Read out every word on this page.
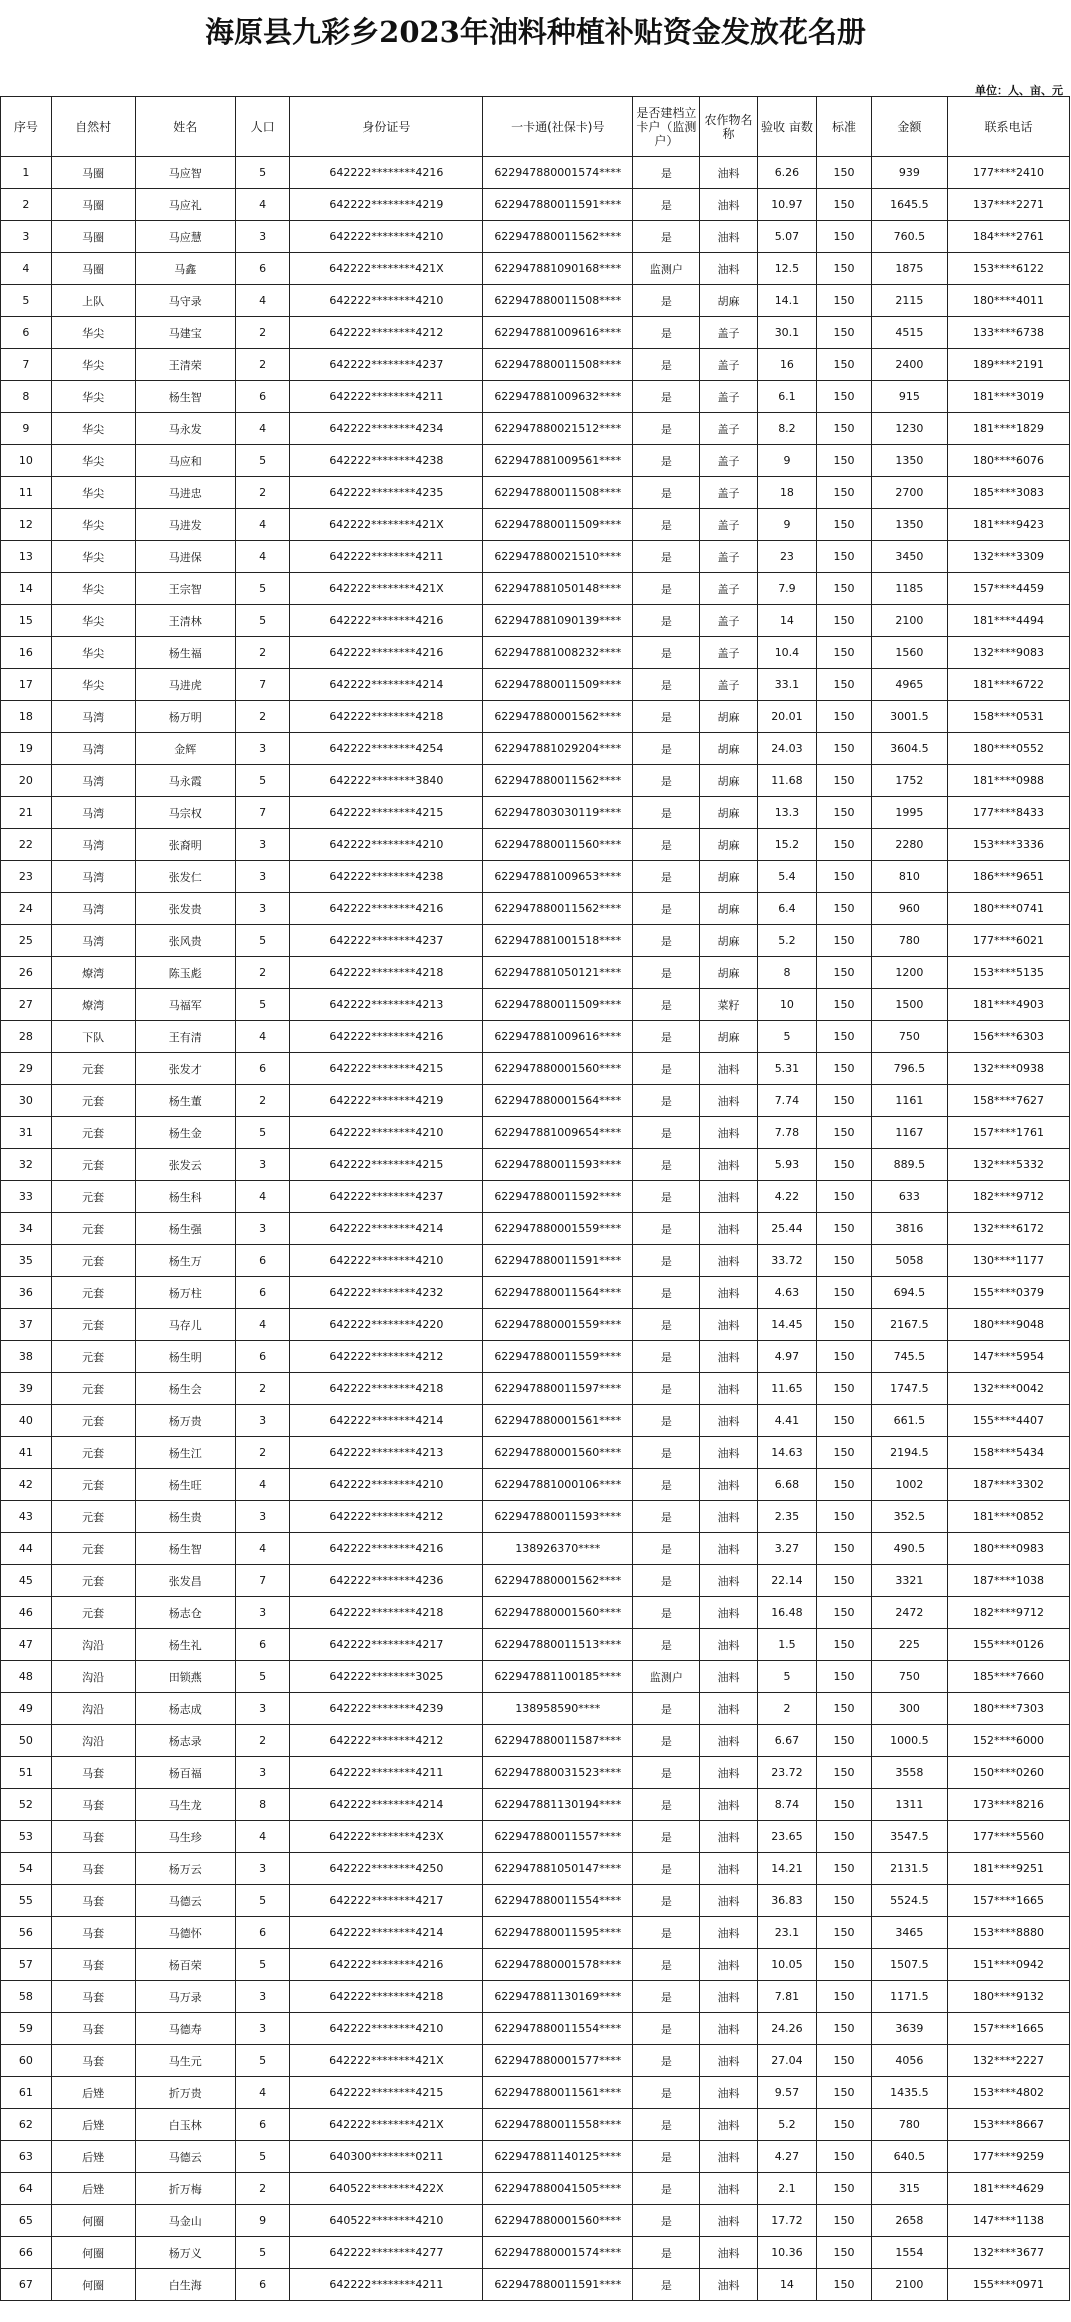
海原县九彩乡2023年油料种植补贴资金发放花名册
单位：人、亩、元
序号	自然村	姓名	人口	身份证号	一卡通(社保卡)号	是否建档立卡户（监测户）	农作物名称	验收 亩数	标准	金额	联系电话
1	马圈	马应智	5	642222********4216	622947880001574****	是	油料	6.26	150	939	177****2410
2	马圈	马应礼	4	642222********4219	622947880011591****	是	油料	10.97	150	1645.5	137****2271
3	马圈	马应慧	3	642222********4210	622947880011562****	是	油料	5.07	150	760.5	184****2761
4	马圈	马鑫	6	642222********421X	622947881090168****	监测户	油料	12.5	150	1875	153****6122
5	上队	马守录	4	642222********4210	622947880011508****	是	胡麻	14.1	150	2115	180****4011
6	华尖	马建宝	2	642222********4212	622947881009616****	是	盖子	30.1	150	4515	133****6738
7	华尖	王清荣	2	642222********4237	622947880011508****	是	盖子	16	150	2400	189****2191
8	华尖	杨生智	6	642222********4211	622947881009632****	是	盖子	6.1	150	915	181****3019
9	华尖	马永发	4	642222********4234	622947880021512****	是	盖子	8.2	150	1230	181****1829
10	华尖	马应和	5	642222********4238	622947881009561****	是	盖子	9	150	1350	180****6076
11	华尖	马进忠	2	642222********4235	622947880011508****	是	盖子	18	150	2700	185****3083
12	华尖	马进发	4	642222********421X	622947880011509****	是	盖子	9	150	1350	181****9423
13	华尖	马进保	4	642222********4211	622947880021510****	是	盖子	23	150	3450	132****3309
14	华尖	王宗智	5	642222********421X	622947881050148****	是	盖子	7.9	150	1185	157****4459
15	华尖	王清林	5	642222********4216	622947881090139****	是	盖子	14	150	2100	181****4494
16	华尖	杨生福	2	642222********4216	622947881008232****	是	盖子	10.4	150	1560	132****9083
17	华尖	马进虎	7	642222********4214	622947880011509****	是	盖子	33.1	150	4965	181****6722
18	马湾	杨万明	2	642222********4218	622947880001562****	是	胡麻	20.01	150	3001.5	158****0531
19	马湾	金辉	3	642222********4254	622947881029204****	是	胡麻	24.03	150	3604.5	180****0552
20	马湾	马永霞	5	642222********3840	622947880011562****	是	胡麻	11.68	150	1752	181****0988
21	马湾	马宗权	7	642222********4215	622947803030119****	是	胡麻	13.3	150	1995	177****8433
22	马湾	张裔明	3	642222********4210	622947880011560****	是	胡麻	15.2	150	2280	153****3336
23	马湾	张发仁	3	642222********4238	622947881009653****	是	胡麻	5.4	150	810	186****9651
24	马湾	张发贵	3	642222********4216	622947880011562****	是	胡麻	6.4	150	960	180****0741
25	马湾	张风贵	5	642222********4237	622947881001518****	是	胡麻	5.2	150	780	177****6021
26	燎湾	陈玉彪	2	642222********4218	622947881050121****	是	胡麻	8	150	1200	153****5135
27	燎湾	马福军	5	642222********4213	622947880011509****	是	菜籽	10	150	1500	181****4903
28	下队	王有清	4	642222********4216	622947881009616****	是	胡麻	5	150	750	156****6303
29	元套	张发才	6	642222********4215	622947880001560****	是	油料	5.31	150	796.5	132****0938
30	元套	杨生董	2	642222********4219	622947880001564****	是	油料	7.74	150	1161	158****7627
31	元套	杨生金	5	642222********4210	622947881009654****	是	油料	7.78	150	1167	157****1761
32	元套	张发云	3	642222********4215	622947880011593****	是	油料	5.93	150	889.5	132****5332
33	元套	杨生科	4	642222********4237	622947880011592****	是	油料	4.22	150	633	182****9712
34	元套	杨生强	3	642222********4214	622947880001559****	是	油料	25.44	150	3816	132****6172
35	元套	杨生万	6	642222********4210	622947880011591****	是	油料	33.72	150	5058	130****1177
36	元套	杨万柱	6	642222********4232	622947880011564****	是	油料	4.63	150	694.5	155****0379
37	元套	马存儿	4	642222********4220	622947880001559****	是	油料	14.45	150	2167.5	180****9048
38	元套	杨生明	6	642222********4212	622947880011559****	是	油料	4.97	150	745.5	147****5954
39	元套	杨生会	2	642222********4218	622947880011597****	是	油料	11.65	150	1747.5	132****0042
40	元套	杨万贵	3	642222********4214	622947880001561****	是	油料	4.41	150	661.5	155****4407
41	元套	杨生江	2	642222********4213	622947880001560****	是	油料	14.63	150	2194.5	158****5434
42	元套	杨生旺	4	642222********4210	622947881000106****	是	油料	6.68	150	1002	187****3302
43	元套	杨生贵	3	642222********4212	622947880011593****	是	油料	2.35	150	352.5	181****0852
44	元套	杨生智	4	642222********4216	138926370****	是	油料	3.27	150	490.5	180****0983
45	元套	张发昌	7	642222********4236	622947880001562****	是	油料	22.14	150	3321	187****1038
46	元套	杨志仓	3	642222********4218	622947880001560****	是	油料	16.48	150	2472	182****9712
47	沟沿	杨生礼	6	642222********4217	622947880011513****	是	油料	1.5	150	225	155****0126
48	沟沿	田锁燕	5	642222********3025	622947881100185****	监测户	油料	5	150	750	185****7660
49	沟沿	杨志成	3	642222********4239	138958590****	是	油料	2	150	300	180****7303
50	沟沿	杨志录	2	642222********4212	622947880011587****	是	油料	6.67	150	1000.5	152****6000
51	马套	杨百福	3	642222********4211	622947880031523****	是	油料	23.72	150	3558	150****0260
52	马套	马生龙	8	642222********4214	622947881130194****	是	油料	8.74	150	1311	173****8216
53	马套	马生珍	4	642222********423X	622947880011557****	是	油料	23.65	150	3547.5	177****5560
54	马套	杨万云	3	642222********4250	622947881050147****	是	油料	14.21	150	2131.5	181****9251
55	马套	马德云	5	642222********4217	622947880011554****	是	油料	36.83	150	5524.5	157****1665
56	马套	马德怀	6	642222********4214	622947880011595****	是	油料	23.1	150	3465	153****8880
57	马套	杨百荣	5	642222********4216	622947880001578****	是	油料	10.05	150	1507.5	151****0942
58	马套	马万录	3	642222********4218	622947881130169****	是	油料	7.81	150	1171.5	180****9132
59	马套	马德寿	3	642222********4210	622947880011554****	是	油料	24.26	150	3639	157****1665
60	马套	马生元	5	642222********421X	622947880001577****	是	油料	27.04	150	4056	132****2227
61	后矬	折万贵	4	642222********4215	622947880011561****	是	油料	9.57	150	1435.5	153****4802
62	后矬	白玉林	6	642222********421X	622947880011558****	是	油料	5.2	150	780	153****8667
63	后矬	马德云	5	640300********0211	622947881140125****	是	油料	4.27	150	640.5	177****9259
64	后矬	折万梅	2	640522********422X	622947880041505****	是	油料	2.1	150	315	181****4629
65	何圈	马金山	9	640522********4210	622947880001560****	是	油料	17.72	150	2658	147****1138
66	何圈	杨万义	5	642222********4277	622947880001574****	是	油料	10.36	150	1554	132****3677
67	何圈	白生海	6	642222********4211	622947880011591****	是	油料	14	150	2100	155****0971
